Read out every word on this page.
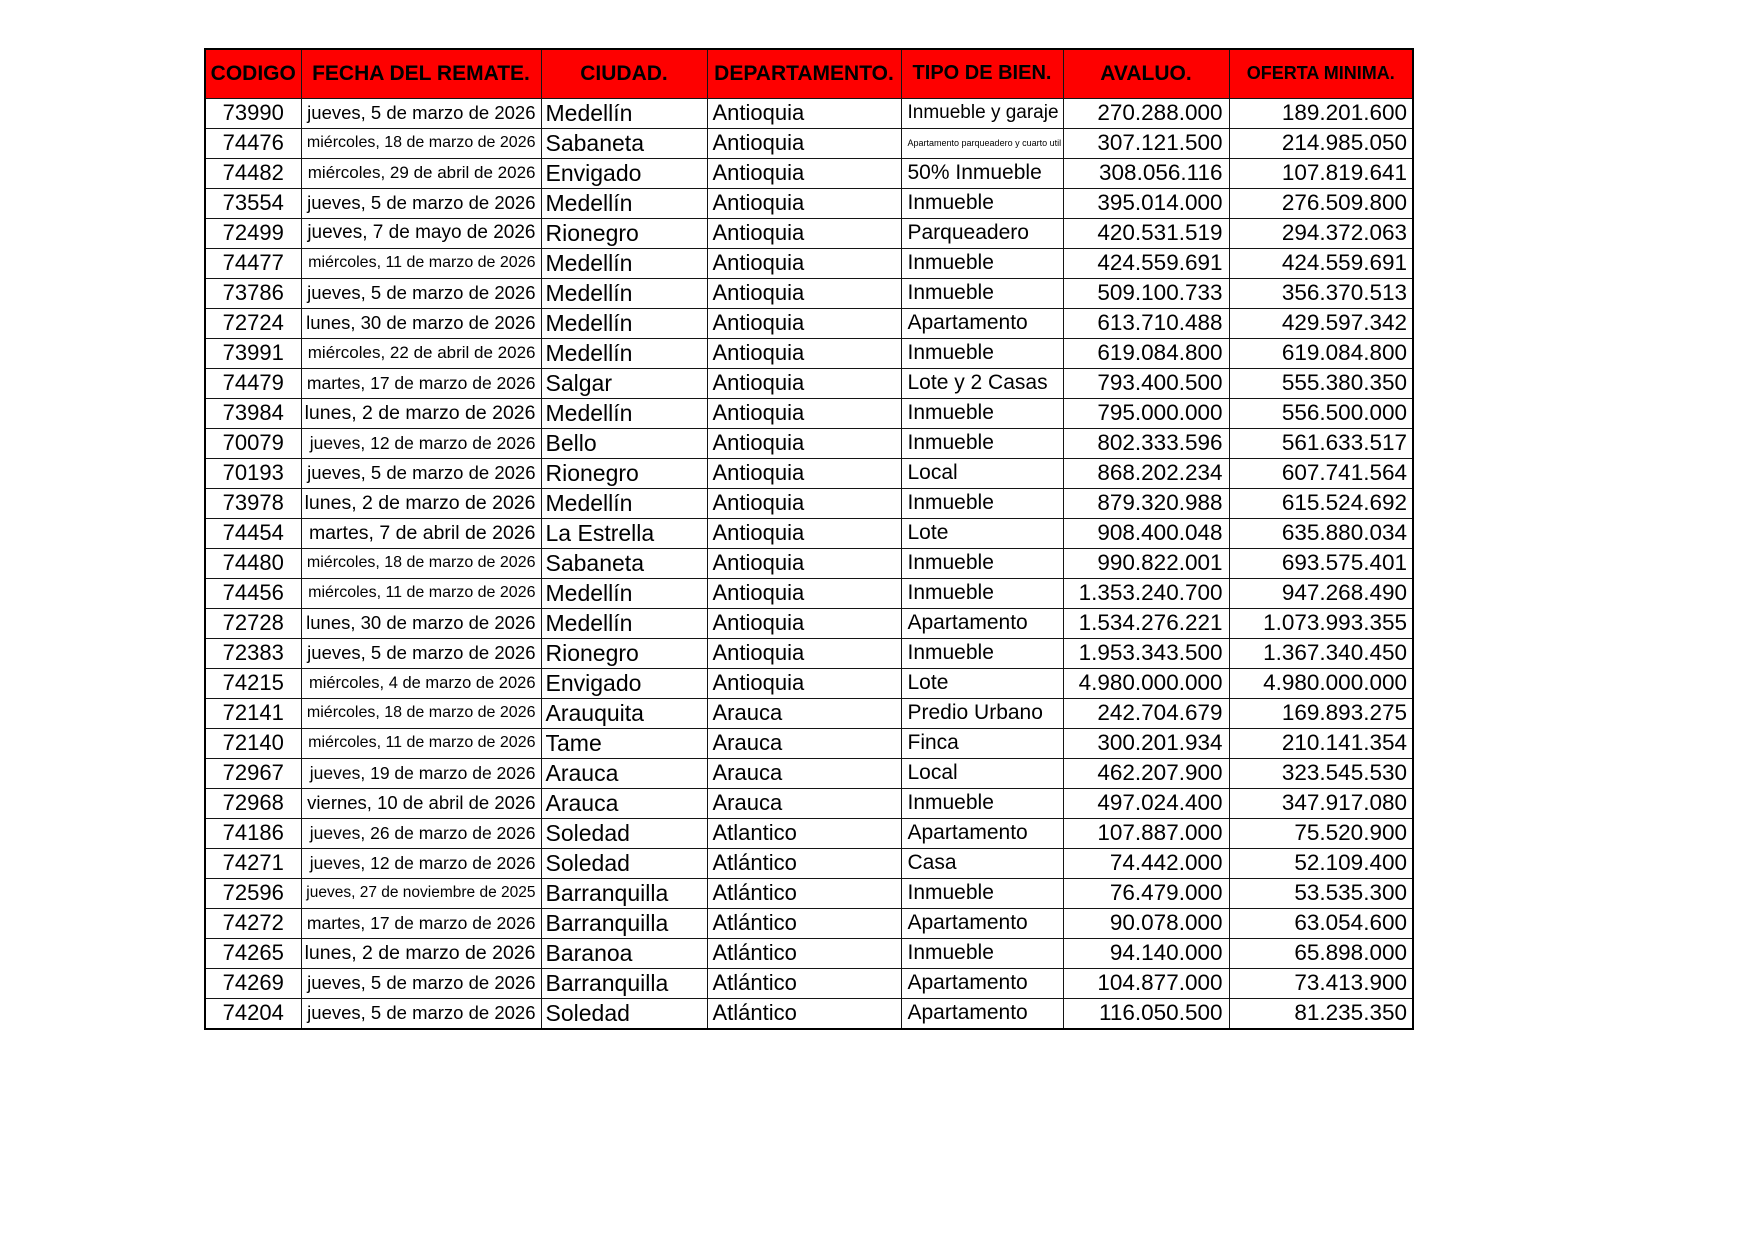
CODIGO	FECHA DEL REMATE.	CIUDAD.	DEPARTAMENTO.	TIPO DE BIEN.	AVALUO.	OFERTA MINIMA.
73990	jueves, 5 de marzo de 2026	Medellín	Antioquia	Inmueble y garaje	270.288.000	189.201.600
74476	miércoles, 18 de marzo de 2026	Sabaneta	Antioquia	Apartamento parqueadero y cuarto util	307.121.500	214.985.050
74482	miércoles, 29 de abril de 2026	Envigado	Antioquia	50% Inmueble	308.056.116	107.819.641
73554	jueves, 5 de marzo de 2026	Medellín	Antioquia	Inmueble	395.014.000	276.509.800
72499	jueves, 7 de mayo de 2026	Rionegro	Antioquia	Parqueadero	420.531.519	294.372.063
74477	miércoles, 11 de marzo de 2026	Medellín	Antioquia	Inmueble	424.559.691	424.559.691
73786	jueves, 5 de marzo de 2026	Medellín	Antioquia	Inmueble	509.100.733	356.370.513
72724	lunes, 30 de marzo de 2026	Medellín	Antioquia	Apartamento	613.710.488	429.597.342
73991	miércoles, 22 de abril de 2026	Medellín	Antioquia	Inmueble	619.084.800	619.084.800
74479	martes, 17 de marzo de 2026	Salgar	Antioquia	Lote y 2 Casas	793.400.500	555.380.350
73984	lunes, 2 de marzo de 2026	Medellín	Antioquia	Inmueble	795.000.000	556.500.000
70079	jueves, 12 de marzo de 2026	Bello	Antioquia	Inmueble	802.333.596	561.633.517
70193	jueves, 5 de marzo de 2026	Rionegro	Antioquia	Local	868.202.234	607.741.564
73978	lunes, 2 de marzo de 2026	Medellín	Antioquia	Inmueble	879.320.988	615.524.692
74454	martes, 7 de abril de 2026	La Estrella	Antioquia	Lote	908.400.048	635.880.034
74480	miércoles, 18 de marzo de 2026	Sabaneta	Antioquia	Inmueble	990.822.001	693.575.401
74456	miércoles, 11 de marzo de 2026	Medellín	Antioquia	Inmueble	1.353.240.700	947.268.490
72728	lunes, 30 de marzo de 2026	Medellín	Antioquia	Apartamento	1.534.276.221	1.073.993.355
72383	jueves, 5 de marzo de 2026	Rionegro	Antioquia	Inmueble	1.953.343.500	1.367.340.450
74215	miércoles, 4 de marzo de 2026	Envigado	Antioquia	Lote	4.980.000.000	4.980.000.000
72141	miércoles, 18 de marzo de 2026	Arauquita	Arauca	Predio Urbano	242.704.679	169.893.275
72140	miércoles, 11 de marzo de 2026	Tame	Arauca	Finca	300.201.934	210.141.354
72967	jueves, 19 de marzo de 2026	Arauca	Arauca	Local	462.207.900	323.545.530
72968	viernes, 10 de abril de 2026	Arauca	Arauca	Inmueble	497.024.400	347.917.080
74186	jueves, 26 de marzo de 2026	Soledad	Atlantico	Apartamento	107.887.000	75.520.900
74271	jueves, 12 de marzo de 2026	Soledad	Atlántico	Casa	74.442.000	52.109.400
72596	jueves, 27 de noviembre de 2025	Barranquilla	Atlántico	Inmueble	76.479.000	53.535.300
74272	martes, 17 de marzo de 2026	Barranquilla	Atlántico	Apartamento	90.078.000	63.054.600
74265	lunes, 2 de marzo de 2026	Baranoa	Atlántico	Inmueble	94.140.000	65.898.000
74269	jueves, 5 de marzo de 2026	Barranquilla	Atlántico	Apartamento	104.877.000	73.413.900
74204	jueves, 5 de marzo de 2026	Soledad	Atlántico	Apartamento	116.050.500	81.235.350
